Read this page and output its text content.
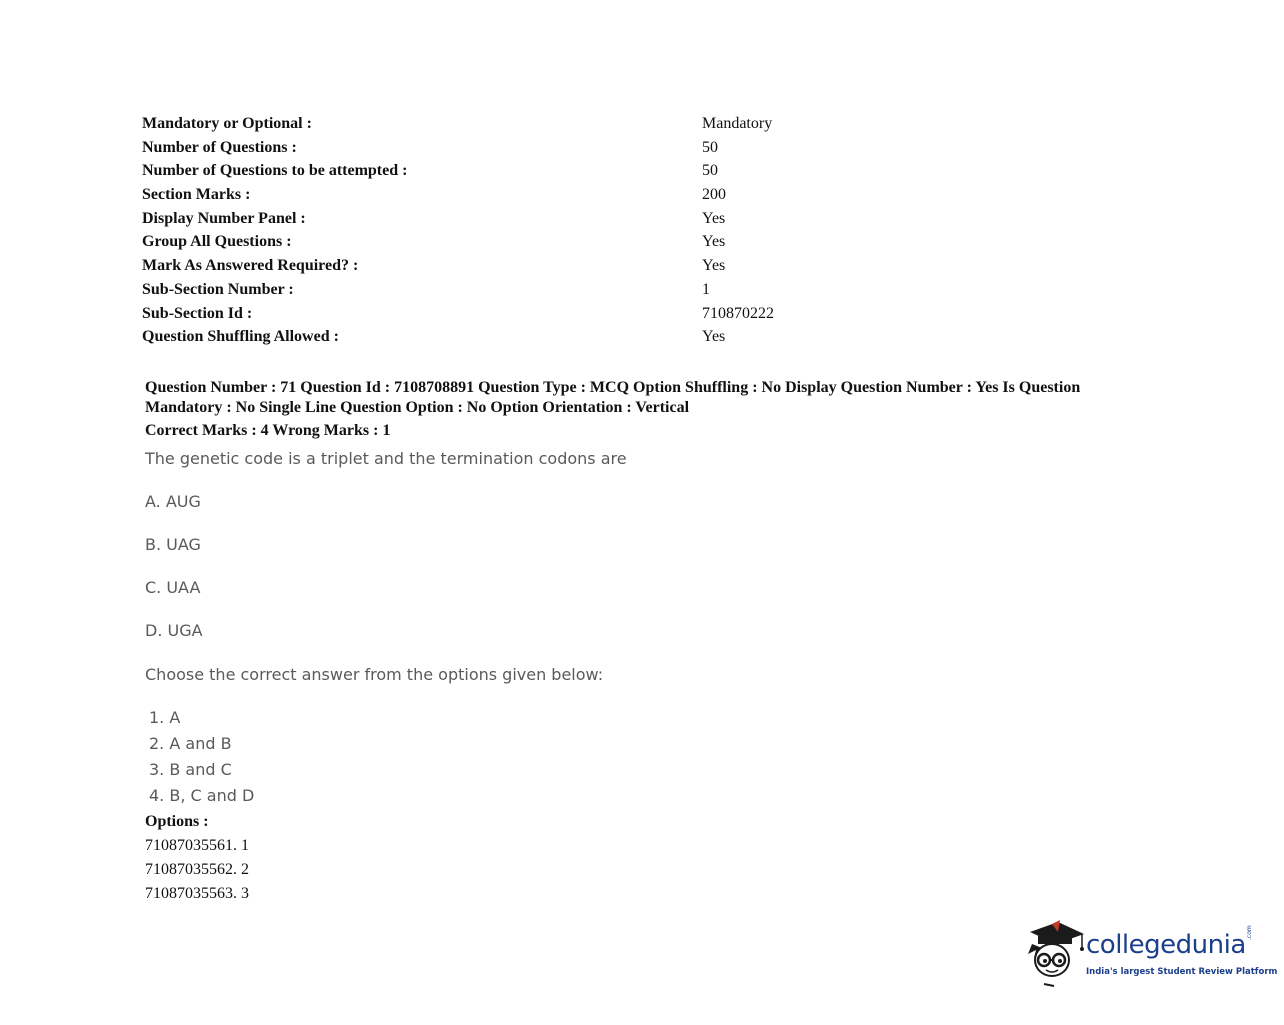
Mandatory or Optional :	Mandatory
Number of Questions :	50
Number of Questions to be attempted :	50
Section Marks :	200
Display Number Panel :	Yes
Group All Questions :	Yes
Mark As Answered Required? :	Yes
Sub-Section Number :	1
Sub-Section Id :	710870222
Question Shuffling Allowed :	Yes
Question Number : 71 Question Id : 7108708891 Question Type : MCQ Option Shuffling : No Display Question Number : Yes Is Question Mandatory : No Single Line Question Option : No Option Orientation : Vertical
Correct Marks : 4 Wrong Marks : 1
The genetic code is a triplet and the termination codons are
A. AUG
B. UAG
C. UAA
D. UGA
Choose the correct answer from the options given below:
1. A
2. A and B
3. B and C
4. B, C and D
Options :
71087035561. 1
71087035562. 2
71087035563. 3
collegedunia .com
India's largest Student Review Platform
